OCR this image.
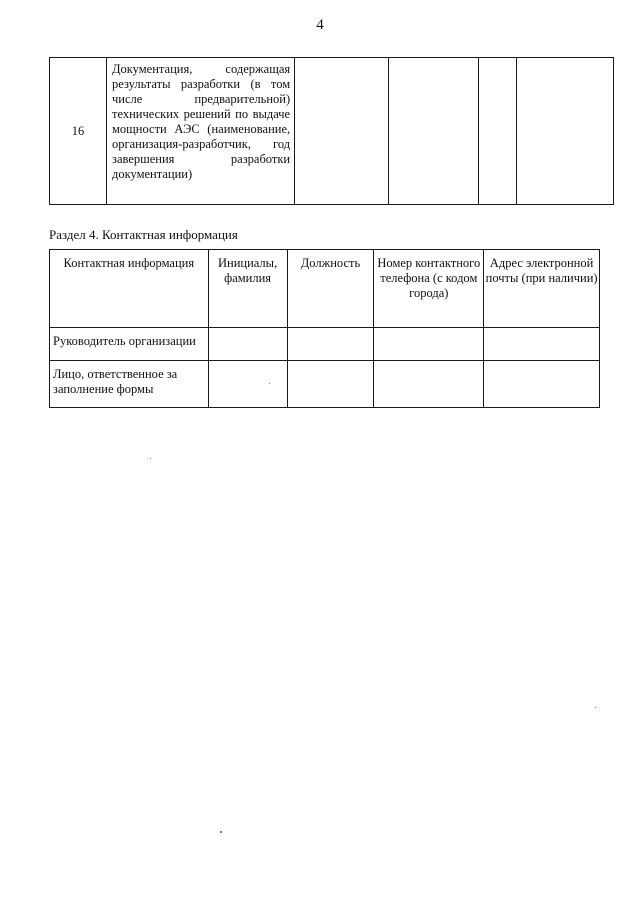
4
16	Документация, содержащая результаты разработки (в том числе предварительной) технических решений по выдаче мощности АЭС (наименование, организация-разработчик, год завершения разработки документации)				
Раздел 4. Контактная информация
Контактная информация	Инициалы, фамилия	Должность	Номер контактного телефона (с кодом города)	Адрес электронной почты (при наличии)
Руководитель организации				
Лицо, ответственное за заполнение формы				
